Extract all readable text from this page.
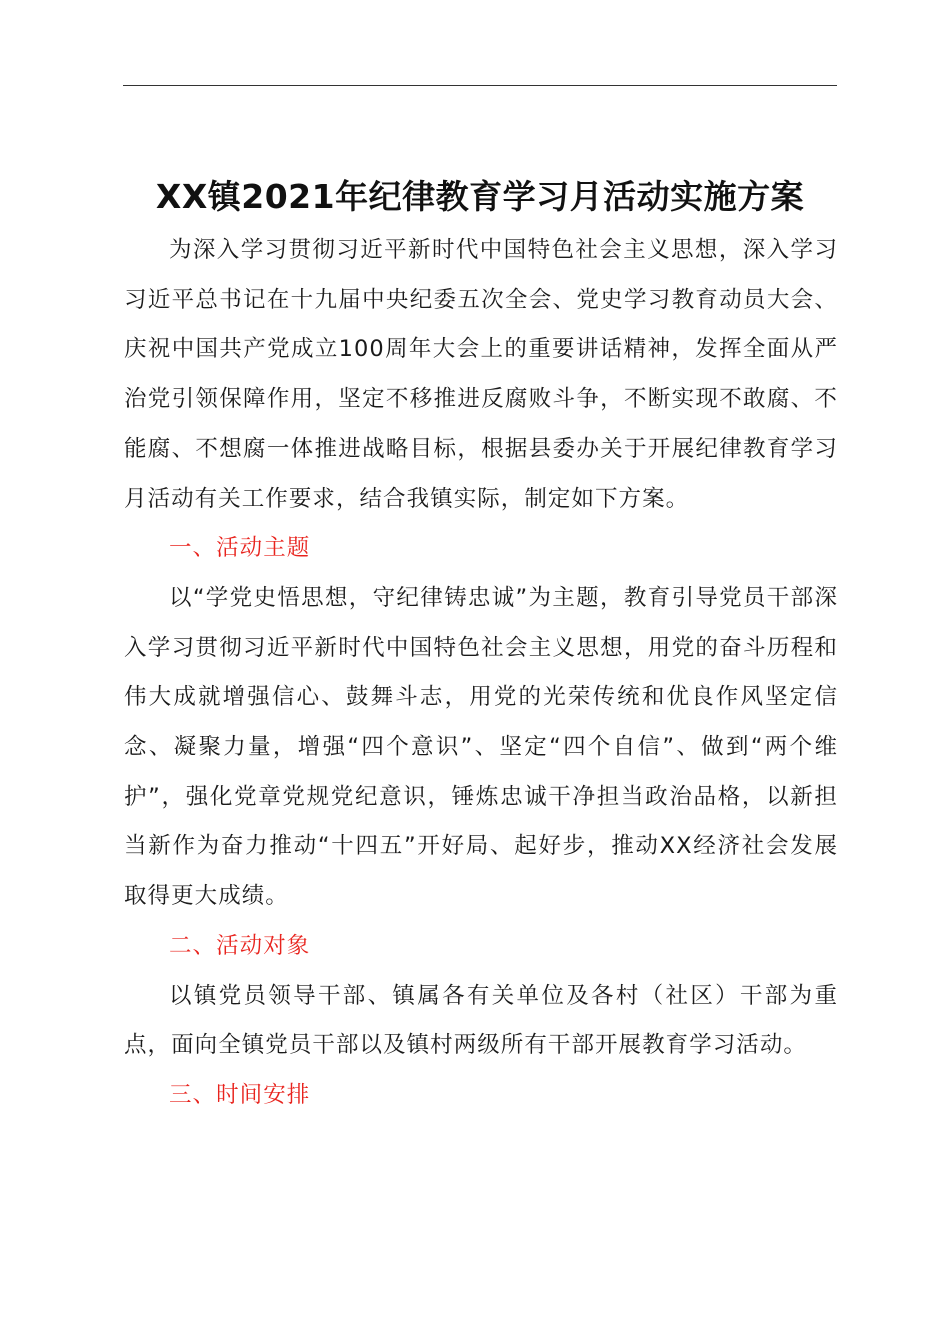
XX镇2021年纪律教育学习月活动实施方案

为深入学习贯彻习近平新时代中国特色社会主义思想，深入学习习近平总书记在十九届中央纪委五次全会、党史学习教育动员大会、庆祝中国共产党成立100周年大会上的重要讲话精神，发挥全面从严治党引领保障作用，坚定不移推进反腐败斗争，不断实现不敢腐、不能腐、不想腐一体推进战略目标，根据县委办关于开展纪律教育学习月活动有关工作要求，结合我镇实际，制定如下方案。

一、活动主题

以“学党史悟思想，守纪律铸忠诚”为主题，教育引导党员干部深入学习贯彻习近平新时代中国特色社会主义思想，用党的奋斗历程和伟大成就增强信心、鼓舞斗志，用党的光荣传统和优良作风坚定信念、凝聚力量，增强“四个意识”、坚定“四个自信”、做到“两个维护”，强化党章党规党纪意识，锤炼忠诚干净担当政治品格，以新担当新作为奋力推动“十四五”开好局、起好步，推动XX经济社会发展取得更大成绩。

二、活动对象

以镇党员领导干部、镇属各有关单位及各村（社区）干部为重点，面向全镇党员干部以及镇村两级所有干部开展教育学习活动。

三、时间安排
